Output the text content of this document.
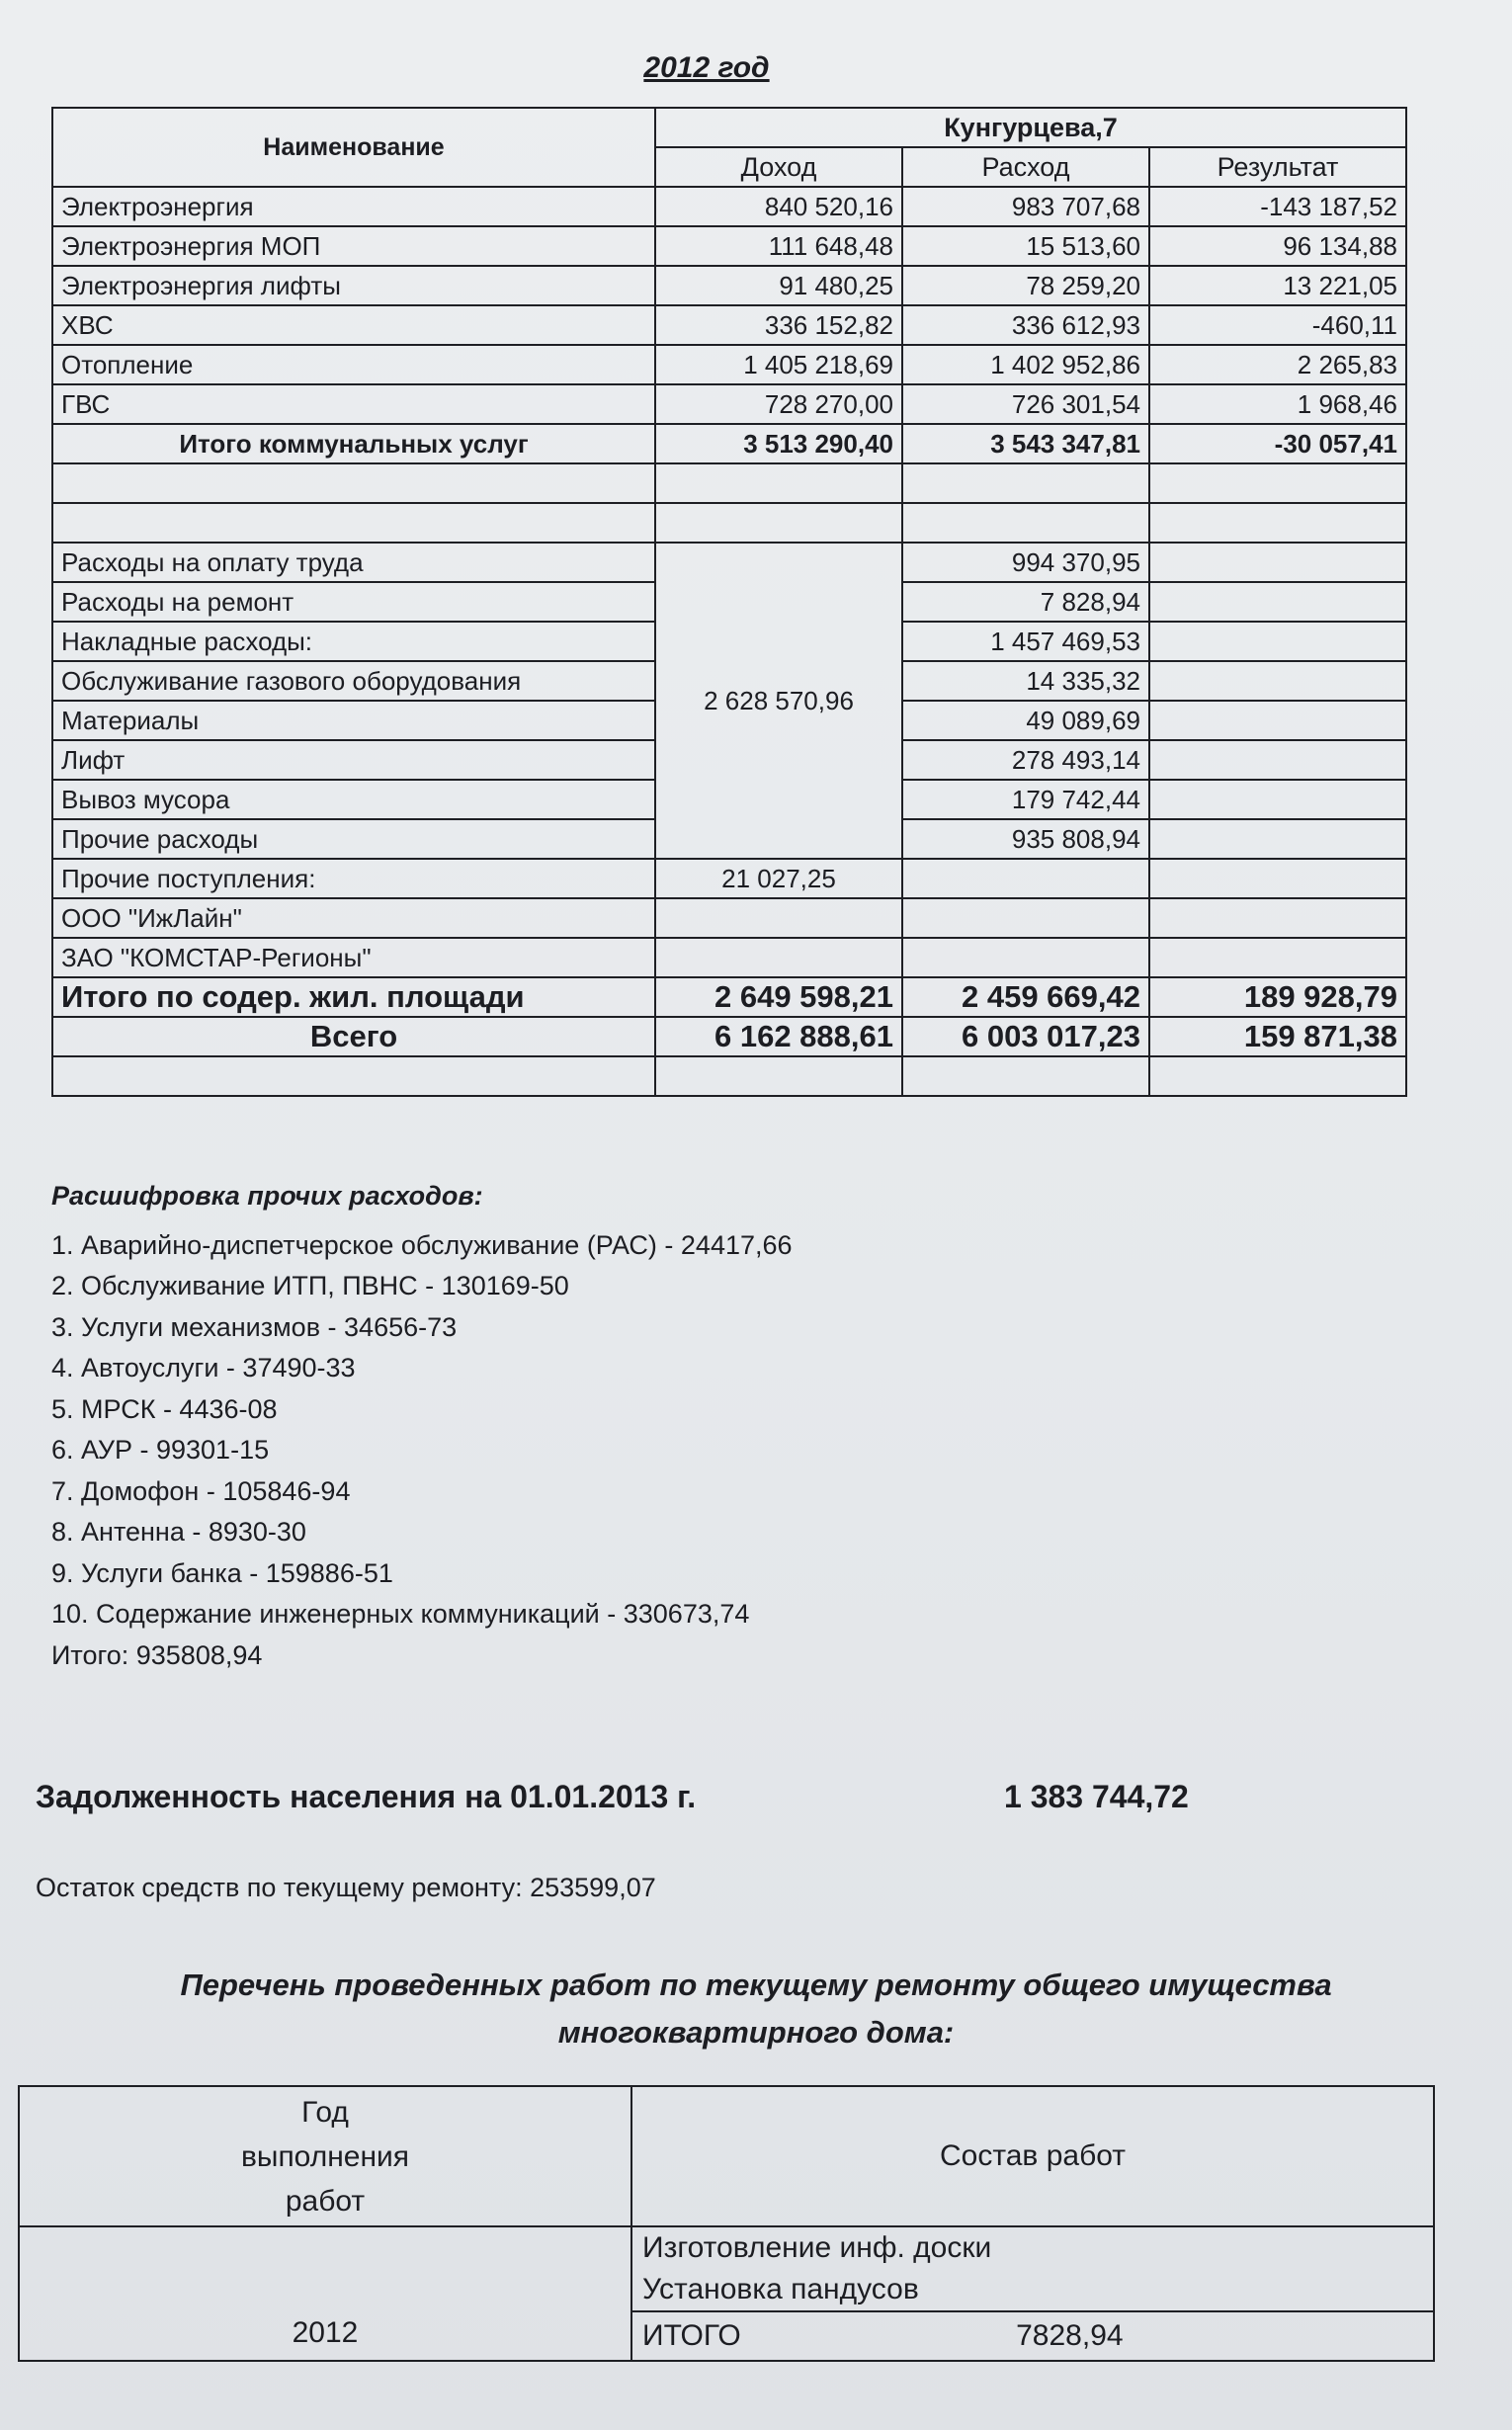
2012 год
Наименование	Кунгурцева,7		
	Доход	Расход	Результат
Электроэнергия	840 520,16	983 707,68	-143 187,52
Электроэнергия МОП	111 648,48	15 513,60	96 134,88
Электроэнергия лифты	91 480,25	78 259,20	13 221,05
ХВС	336 152,82	336 612,93	-460,11
Отопление	1 405 218,69	1 402 952,86	2 265,83
ГВС	728 270,00	726 301,54	1 968,46
Итого коммунальных услуг	3 513 290,40	3 543 347,81	-30 057,41

Расходы на оплату труда	2 628 570,96	994 370,95	
Расходы на ремонт		7 828,94	
Накладные расходы:		1 457 469,53	
Обслуживание газового оборудования		14 335,32	
Материалы		49 089,69	
Лифт		278 493,14	
Вывоз мусора		179 742,44	
Прочие расходы		935 808,94	
Прочие поступления:	21 027,25		
ООО "ИжЛайн"			
ЗАО "КОМСТАР-Регионы"			
Итого по содер. жил. площади	2 649 598,21	2 459 669,42	189 928,79
Всего	6 162 888,61	6 003 017,23	159 871,38

Расшифровка прочих расходов:
1. Аварийно-диспетчерское обслуживание (РАС) - 24417,66
2. Обслуживание ИТП, ПВНС - 130169-50
3. Услуги механизмов - 34656-73
4. Автоуслуги - 37490-33
5. МРСК - 4436-08
6. АУР - 99301-15
7. Домофон - 105846-94
8. Антенна - 8930-30
9. Услуги банка - 159886-51
10. Содержание инженерных коммуникаций - 330673,74
Итого: 935808,94
Задолженность населения на 01.01.2013 г.	1 383 744,72
Остаток средств по текущему ремонту: 253599,07
Перечень проведенных работ по текущему ремонту общего имущества
многоквартирного дома:
Год
выполнения
работ	Состав работ
2012	Изготовление инф. доски
	Установка пандусов
	ИТОГО 7828,94
